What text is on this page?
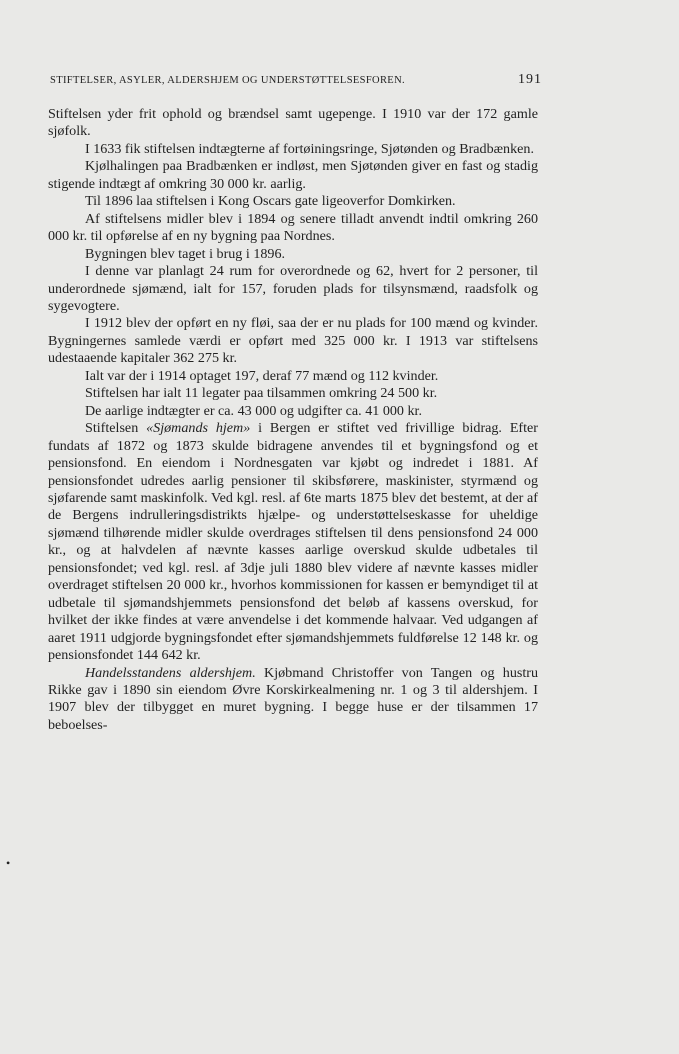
STIFTELSER, ASYLER, ALDERSHJEM OG UNDERSTØTTELSESFOREN.	191

Stiftelsen yder frit ophold og brændsel samt ugepenge. I 1910 var der 172 gamle sjøfolk.

I 1633 fik stiftelsen indtægterne af fortøiningsringe, Sjøtønden og Bradbænken.

Kjølhalingen paa Bradbænken er indløst, men Sjøtønden giver en fast og stadig stigende indtægt af omkring 30 000 kr. aarlig.

Til 1896 laa stiftelsen i Kong Oscars gate ligeoverfor Domkirken.

Af stiftelsens midler blev i 1894 og senere tilladt anvendt indtil omkring 260 000 kr. til opførelse af en ny bygning paa Nordnes.

Bygningen blev taget i brug i 1896.

I denne var planlagt 24 rum for overordnede og 62, hvert for 2 personer, til underordnede sjømænd, ialt for 157, foruden plads for tilsynsmænd, raadsfolk og sygevogtere.

I 1912 blev der opført en ny fløi, saa der er nu plads for 100 mænd og kvinder. Bygningernes samlede værdi er opført med 325 000 kr. I 1913 var stiftelsens udestaaende kapitaler 362 275 kr.

Ialt var der i 1914 optaget 197, deraf 77 mænd og 112 kvinder.

Stiftelsen har ialt 11 legater paa tilsammen omkring 24 500 kr.

De aarlige indtægter er ca. 43 000 og udgifter ca. 41 000 kr.

Stiftelsen «Sjømands hjem» i Bergen er stiftet ved frivillige bidrag. Efter fundats af 1872 og 1873 skulde bidragene anvendes til et bygningsfond og et pensionsfond. En eiendom i Nordnesgaten var kjøbt og indredet i 1881. Af pensionsfondet udredes aarlig pensioner til skibsførere, maskinister, styrmænd og sjøfarende samt maskinfolk. Ved kgl. resl. af 6te marts 1875 blev det bestemt, at der af de Bergens indrulleringsdistrikts hjælpe- og understøttelseskasse for uheldige sjømænd tilhørende midler skulde overdrages stiftelsen til dens pensionsfond 24 000 kr., og at halvdelen af nævnte kasses aarlige overskud skulde udbetales til pensionsfondet; ved kgl. resl. af 3dje juli 1880 blev videre af nævnte kasses midler overdraget stiftelsen 20 000 kr., hvorhos kommissionen for kassen er bemyndiget til at udbetale til sjømandshjemmets pensionsfond det beløb af kassens overskud, for hvilket der ikke findes at være anvendelse i det kommende halvaar. Ved udgangen af aaret 1911 udgjorde bygningsfondet efter sjømandshjemmets fuldførelse 12 148 kr. og pensionsfondet 144 642 kr.

Handelsstandens aldershjem. Kjøbmand Christoffer von Tangen og hustru Rikke gav i 1890 sin eiendom Øvre Korskirkealmening nr. 1 og 3 til aldershjem. I 1907 blev der tilbygget en muret bygning. I begge huse er der tilsammen 17 beboelses-

•
